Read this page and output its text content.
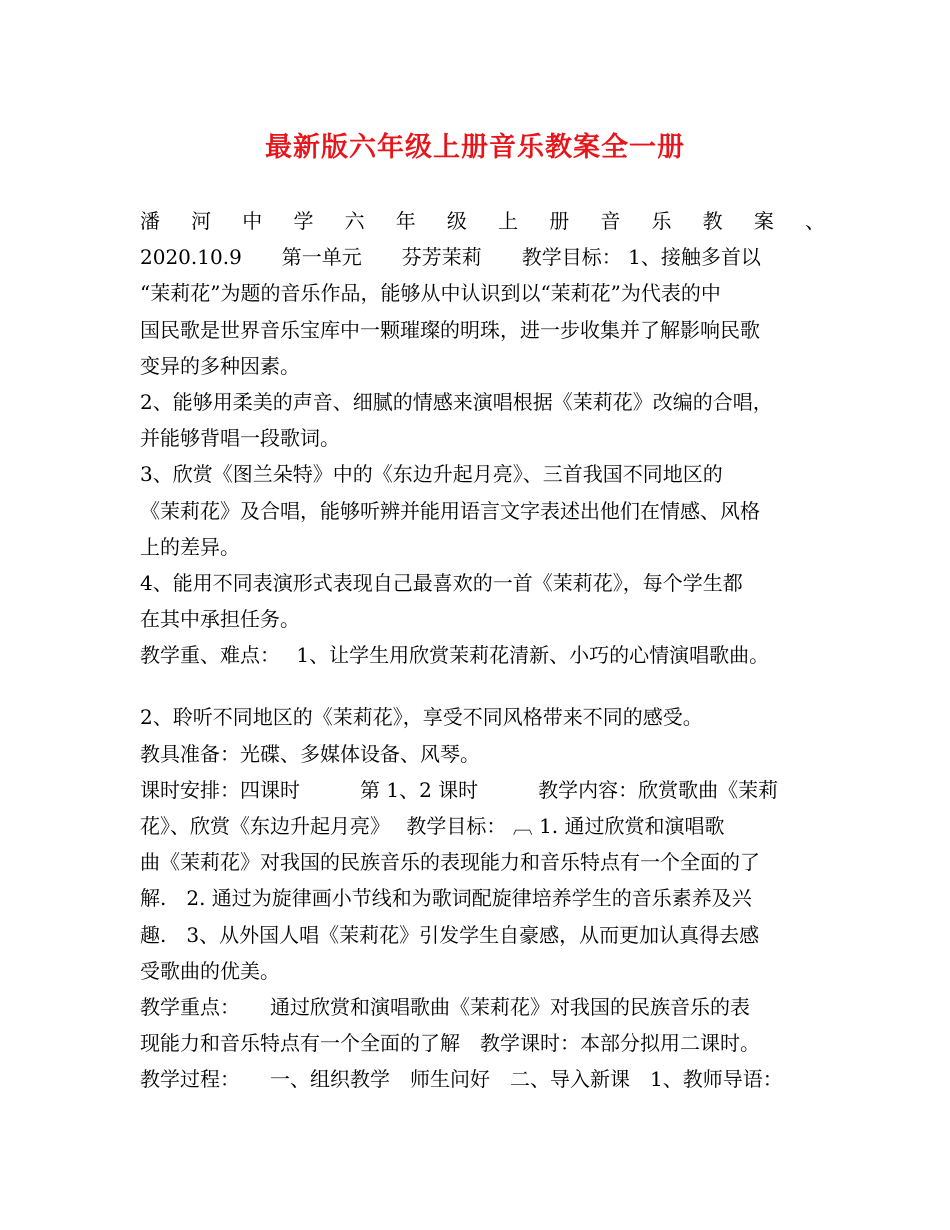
最新版六年级上册音乐教案全一册
潘 河 中 学 六 年 级 上 册 音 乐 教 案 、
2020.10.9　　第一单元　　芬芳茉莉　　教学目标： 1、接触多首以
“茉莉花”为题的音乐作品，能够从中认识到以“茉莉花”为代表的中
国民歌是世界音乐宝库中一颗璀璨的明珠，进一步收集并了解影响民歌
变异的多种因素。
2、能够用柔美的声音、细腻的情感来演唱根据《茉莉花》改编的合唱，
并能够背唱一段歌词。
3、欣赏《图兰朵特》中的《东边升起月亮》、三首我国不同地区的
《茉莉花》及合唱，能够听辨并能用语言文字表述出他们在情感、风格
上的差异。
4、能用不同表演形式表现自己最喜欢的一首《茉莉花》，每个学生都
在其中承担任务。
教学重、难点：　 1、让学生用欣赏茉莉花清新、小巧的心情演唱歌曲。
2、聆听不同地区的《茉莉花》，享受不同风格带来不同的感受。
教具准备：光碟、多媒体设备、风琴。
课时安排：四课时　　　第 1、2 课时　　　教学内容：欣赏歌曲《茉莉
花》、欣赏《东边升起月亮》　 教学目标： ︹ 1. 通过欣赏和演唱歌
曲《茉莉花》对我国的民族音乐的表现能力和音乐特点有一个全面的了
解.　2. 通过为旋律画小节线和为歌词配旋律培养学生的音乐素养及兴
趣.　3、从外国人唱《茉莉花》引发学生自豪感，从而更加认真得去感
受歌曲的优美。
教学重点：　　通过欣赏和演唱歌曲《茉莉花》对我国的民族音乐的表
现能力和音乐特点有一个全面的了解　教学课时：本部分拟用二课时。
教学过程：　　一、组织教学　师生问好　二、导入新课　1、教师导语：
